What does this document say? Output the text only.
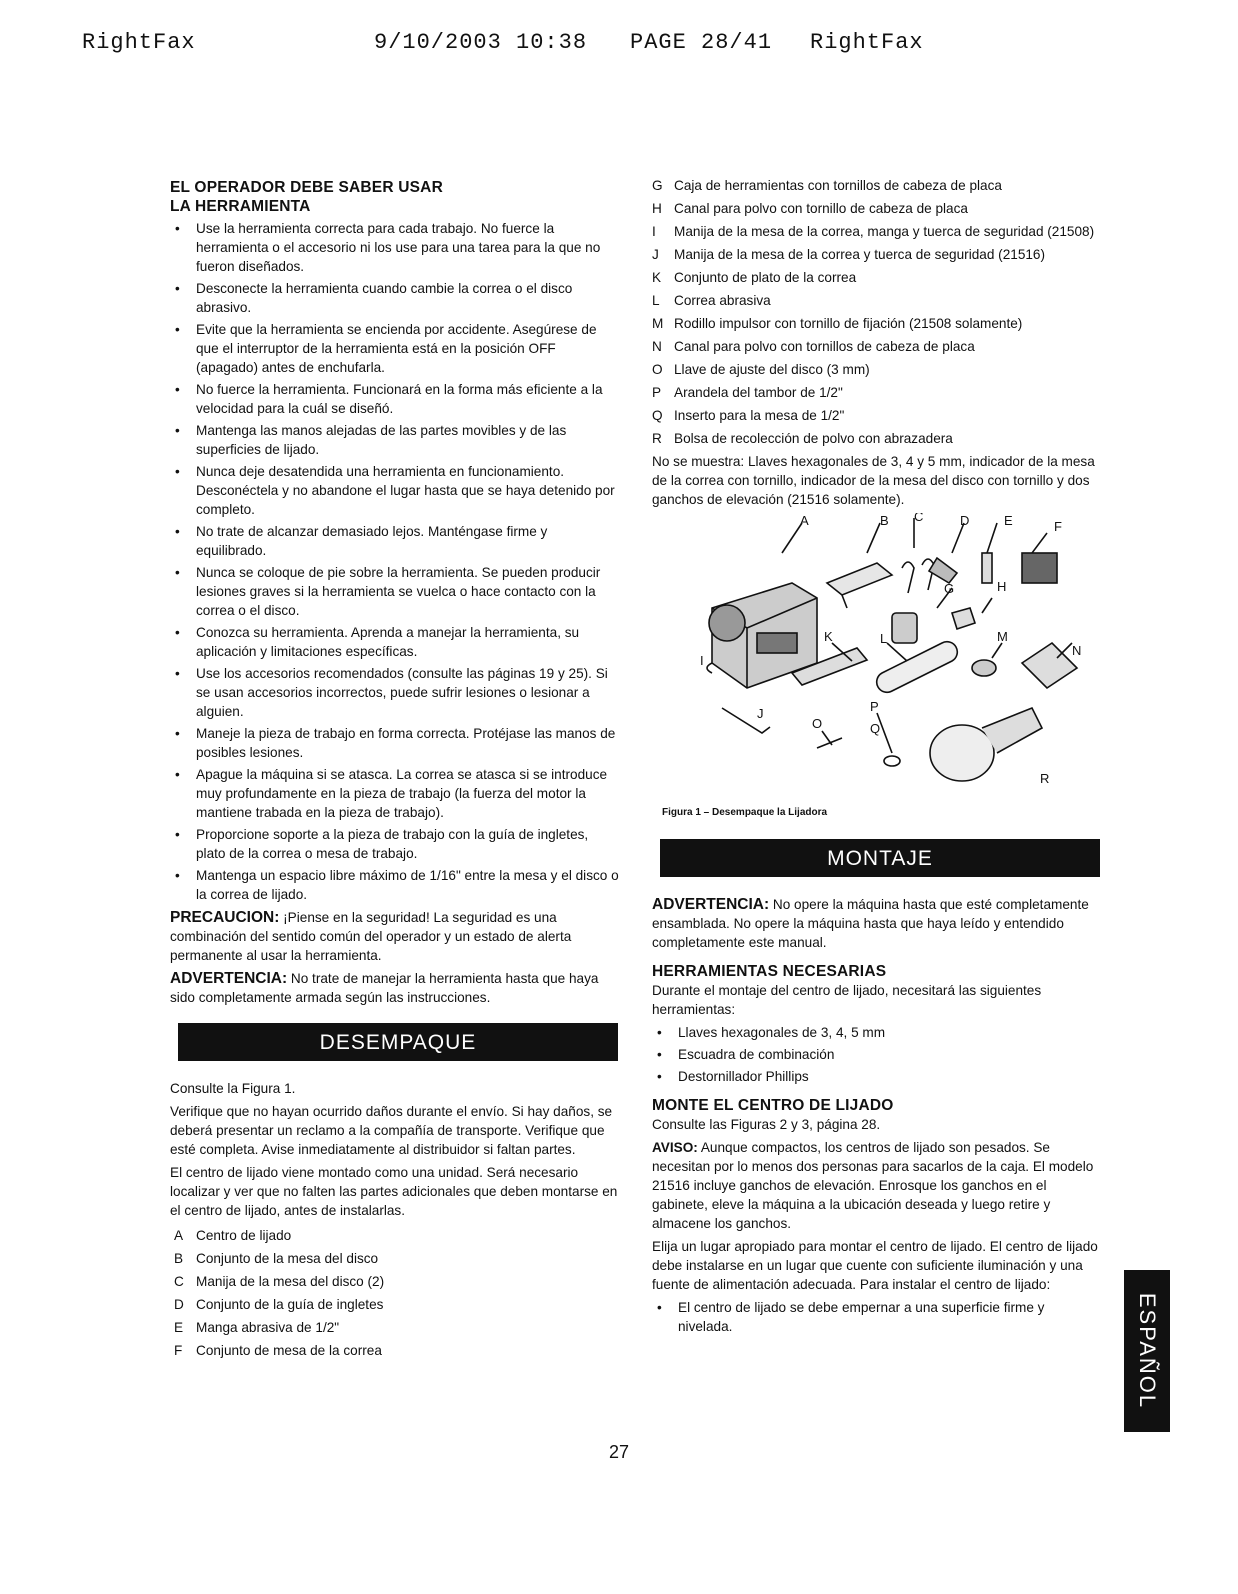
RightFax

	9/10/2003 10:38

PAGE 28/41

RightFax

EL OPERADOR DEBE SABER USAR
LA HERRAMIENTA
• Use la herramienta correcta para cada trabajo. No fuerce la herramienta o el accesorio ni los use para una tarea para la que no fueron diseñados.
• Desconecte la herramienta cuando cambie la correa o el disco abrasivo.
• Evite que la herramienta se encienda por accidente. Asegúrese de que el interruptor de la herramienta está en la posición OFF (apagado) antes de enchufarla.
• No fuerce la herramienta. Funcionará en la forma más eficiente a la velocidad para la cuál se diseñó.
• Mantenga las manos alejadas de las partes movibles y de las superficies de lijado.
• Nunca deje desatendida una herramienta en funcionamiento. Desconéctela y no abandone el lugar hasta que se haya detenido por completo.
• No trate de alcanzar demasiado lejos. Manténgase firme y equilibrado.
• Nunca se coloque de pie sobre la herramienta. Se pueden producir lesiones graves si la herramienta se vuelca o hace contacto con la correa o el disco.
• Conozca su herramienta. Aprenda a manejar la herramienta, su aplicación y limitaciones específicas.
• Use los accesorios recomendados (consulte las páginas 19 y 25). Si se usan accesorios incorrectos, puede sufrir lesiones o lesionar a alguien.
• Maneje la pieza de trabajo en forma correcta. Protéjase las manos de posibles lesiones.
• Apague la máquina si se atasca. La correa se atasca si se introduce muy profundamente en la pieza de trabajo (la fuerza del motor la mantiene trabada en la pieza de trabajo).
• Proporcione soporte a la pieza de trabajo con la guía de ingletes, plato de la correa o mesa de trabajo.
• Mantenga un espacio libre máximo de 1/16" entre la mesa y el disco o la correa de lijado.

PRECAUCION: ¡Piense en la seguridad! La seguridad es una combinación del sentido común del operador y un estado de alerta permanente al usar la herramienta.

ADVERTENCIA: No trate de manejar la herramienta hasta que haya sido completamente armada según las instrucciones.

DESEMPAQUE

Consulte la Figura 1.

Verifique que no hayan ocurrido daños durante el envío. Si hay daños, se deberá presentar un reclamo a la compañía de transporte. Verifique que esté completa. Avise inmediatamente al distribuidor si faltan partes.

El centro de lijado viene montado como una unidad. Será necesario localizar y ver que no falten las partes adicionales que deben montarse en el centro de lijado, antes de instalarlas.

A Centro de lijado
B Conjunto de la mesa del disco
C Manija de la mesa del disco (2)
D Conjunto de la guía de ingletes
E Manga abrasiva de 1/2"
F	Conjunto de mesa de la correa
G Caja de herramientas con tornillos de cabeza de placa
H Canal para polvo con tornillo de cabeza de placa
I	Manija de la mesa de la correa, manga y tuerca de seguridad (21508)
J	Manija de la mesa de la correa y tuerca de seguridad (21516)
K Conjunto de plato de la correa
L	Correa abrasiva
M Rodillo impulsor con tornillo de fijación (21508 solamente)
N Canal para polvo con tornillos de cabeza de placa
O Llave de ajuste del disco (3 mm)
P Arandela del tambor de 1/2"
Q Inserto para la mesa de 1/2"
R Bolsa de recolección de polvo con abrazadera

No se muestra: Llaves hexagonales de 3, 4 y 5 mm, indicador de la mesa de la correa con tornillo, indicador de la mesa del disco con tornillo y dos ganchos de elevación (21516 solamente).

A	B C	D	E	F
G	H
I
J
K	L	M
N
O
P
Q
R
Figura 1 – Desempaque la Lijadora
MONTAJE

ADVERTENCIA: No opere la máquina hasta que esté completamente ensamblada. No opere la máquina hasta que haya leído y entendido completamente este manual.

HERRAMIENTAS NECESARIAS

Durante el montaje del centro de lijado, necesitará las siguientes herramientas:

• Llaves hexagonales de 3, 4, 5 mm
• Escuadra de combinación
• Destornillador Phillips
MONTE EL CENTRO DE LIJADO

Consulte las Figuras 2 y 3, página 28.

AVISO: Aunque compactos, los centros de lijado son pesados. Se necesitan por lo menos dos personas para sacarlos de la caja. El modelo 21516 incluye ganchos de elevación. Enrosque los ganchos en el gabinete, eleve la máquina a la ubicación deseada y luego retire y almacene los ganchos.

Elija un lugar apropiado para montar el centro de lijado. El centro de lijado debe instalarse en un lugar que cuente con suficiente iluminación y una fuente de alimentación adecuada. Para instalar el centro de lijado:

• El centro de lijado se debe empernar a una superficie firme y nivelada.
27
ESPAÑOL
